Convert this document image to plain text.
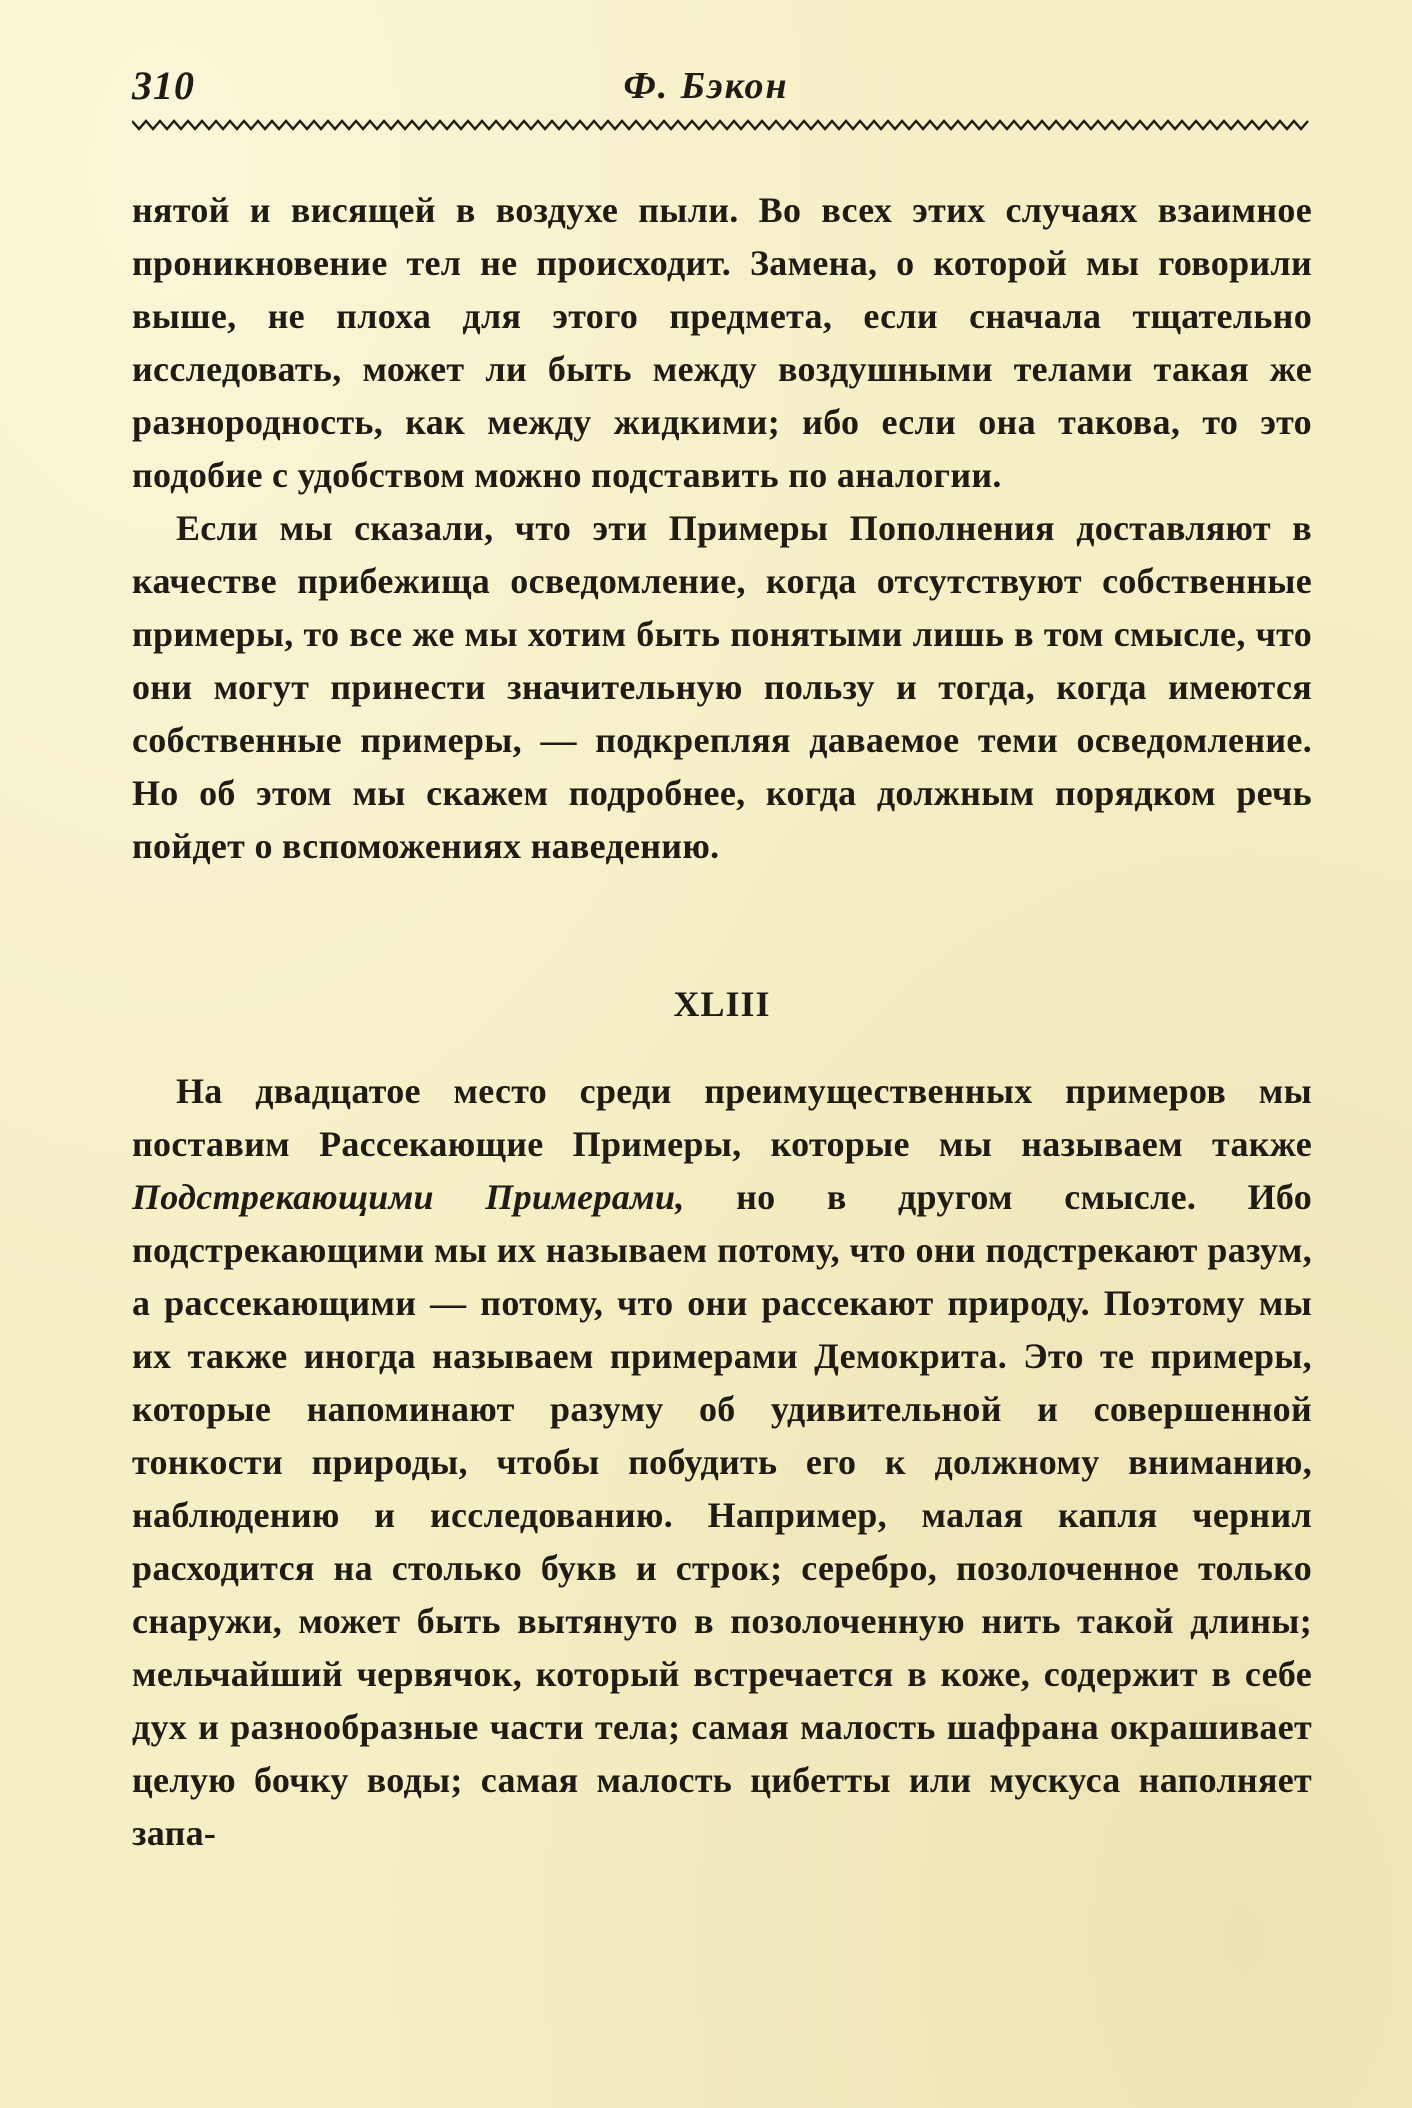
310	Ф. Бэкон

нятой и висящей в воздухе пыли. Во всех этих случаях взаимное проникновение тел не происходит. Замена, о которой мы говорили выше, не плоха для этого предмета, если сначала тщательно исследовать, может ли быть между воздушными телами такая же разнородность, как между жидкими; ибо если она такова, то это подобие с удобством можно подставить по аналогии.

Если мы сказали, что эти Примеры Пополнения доставляют в качестве прибежища осведомление, когда отсутствуют собственные примеры, то все же мы хотим быть понятыми лишь в том смысле, что они могут принести значительную пользу и тогда, когда имеются собственные примеры, — подкрепляя даваемое теми осведомление. Но об этом мы скажем подробнее, когда должным порядком речь пойдет о вспоможениях наведению.

XLIII

На двадцатое место среди преимущественных примеров мы поставим Рассекающие Примеры, которые мы называем также Подстрекающими Примерами, но в другом смысле. Ибо подстрекающими мы их называем потому, что они подстрекают разум, а рассекающими — потому, что они рассекают природу. Поэтому мы их также иногда называем примерами Демокрита. Это те примеры, которые напоминают разуму об удивительной и совершенной тонкости природы, чтобы побудить его к должному вниманию, наблюдению и исследованию. Например, малая капля чернил расходится на столько букв и строк; серебро, позолоченное только снаружи, может быть вытянуто в позолоченную нить такой длины; мельчайший червячок, который встречается в коже, содержит в себе дух и разнообразные части тела; самая малость шафрана окрашивает целую бочку воды; самая малость цибетты или мускуса наполняет запа-
